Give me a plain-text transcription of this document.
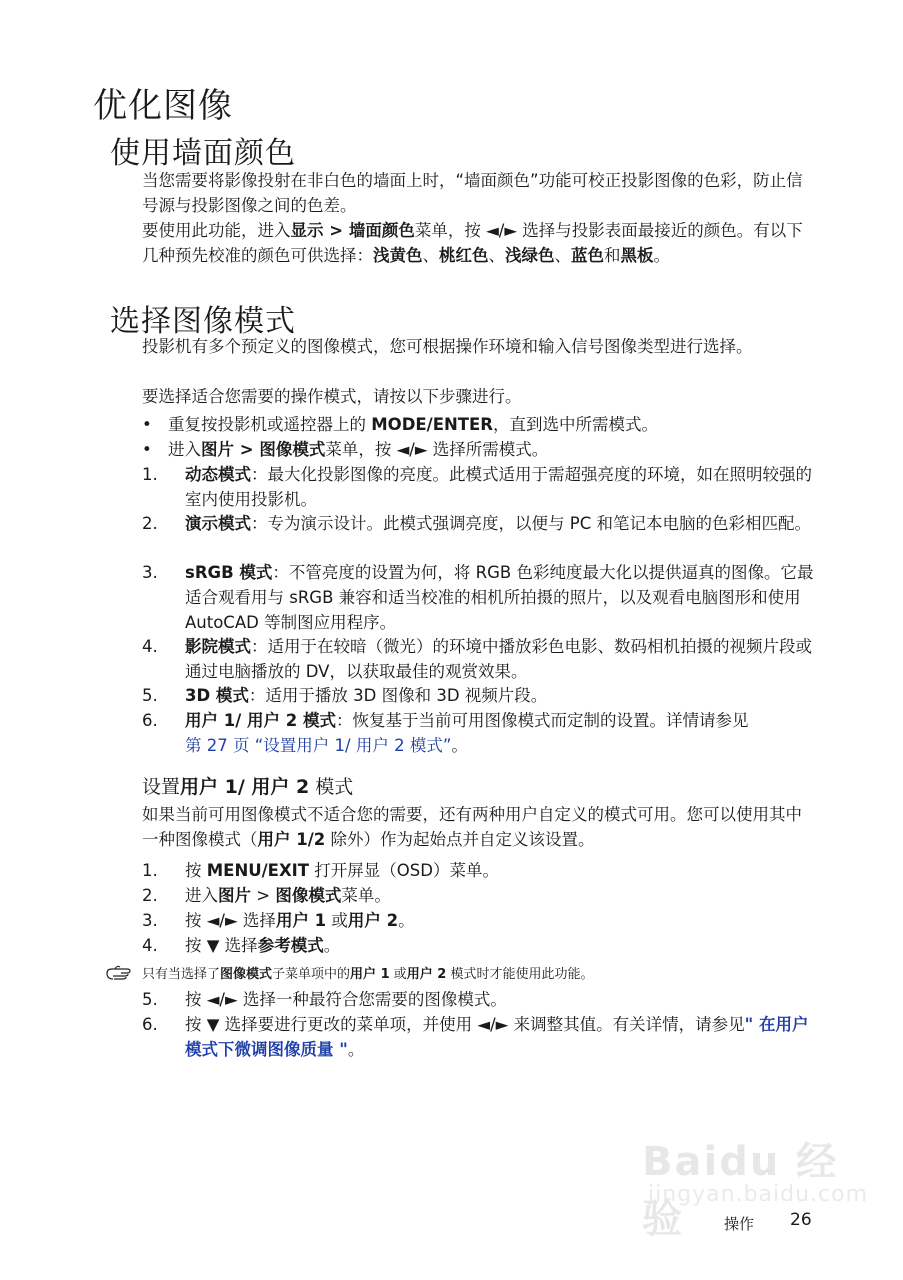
优化图像
使用墙面颜色
当您需要将影像投射在非白色的墙面上时，“墙面颜色”功能可校正投影图像的色彩，防止信号源与投影图像之间的色差。
要使用此功能，进入显示 > 墙面颜色菜单，按 ◄/► 选择与投影表面最接近的颜色。有以下几种预先校准的颜色可供选择：浅黄色、桃红色、浅绿色、蓝色和黑板。
选择图像模式
投影机有多个预定义的图像模式，您可根据操作环境和输入信号图像类型进行选择。
要选择适合您需要的操作模式，请按以下步骤进行。
• 重复按投影机或遥控器上的 MODE/ENTER，直到选中所需模式。
• 进入图片 > 图像模式菜单，按 ◄/► 选择所需模式。
1.	动态模式：最大化投影图像的亮度。此模式适用于需超强亮度的环境，如在照明较强的室内使用投影机。
2.	演示模式：专为演示设计。此模式强调亮度，以便与 PC 和笔记本电脑的色彩相匹配。
3.	sRGB 模式：不管亮度的设置为何，将 RGB 色彩纯度最大化以提供逼真的图像。它最适合观看用与 sRGB 兼容和适当校准的相机所拍摄的照片，以及观看电脑图形和使用 AutoCAD 等制图应用程序。
4.	影院模式：适用于在较暗（微光）的环境中播放彩色电影、数码相机拍摄的视频片段或通过电脑播放的 DV，以获取最佳的观赏效果。
5.	3D 模式：适用于播放 3D 图像和 3D 视频片段。
6.	用户 1/ 用户 2 模式：恢复基于当前可用图像模式而定制的设置。详情请参见
第 27 页 “设置用户 1/ 用户 2 模式”。
设置用户 1/ 用户 2 模式
如果当前可用图像模式不适合您的需要，还有两种用户自定义的模式可用。您可以使用其中一种图像模式（用户 1/2 除外）作为起始点并自定义该设置。
1.	按 MENU/EXIT 打开屏显（OSD）菜单。
2.	进入图片 > 图像模式菜单。
3.	按 ◄/► 选择用户 1 或用户 2。
4.	按 ▼ 选择参考模式。
只有当选择了图像模式子菜单项中的用户 1 或用户 2 模式时才能使用此功能。
5.	按 ◄/► 选择一种最符合您需要的图像模式。
6.	按 ▼ 选择要进行更改的菜单项，并使用 ◄/► 来调整其值。有关详情，请参见" 在用户模式下微调图像质量 "。
Baidu 经验
jingyan.baidu.com
操作 26
